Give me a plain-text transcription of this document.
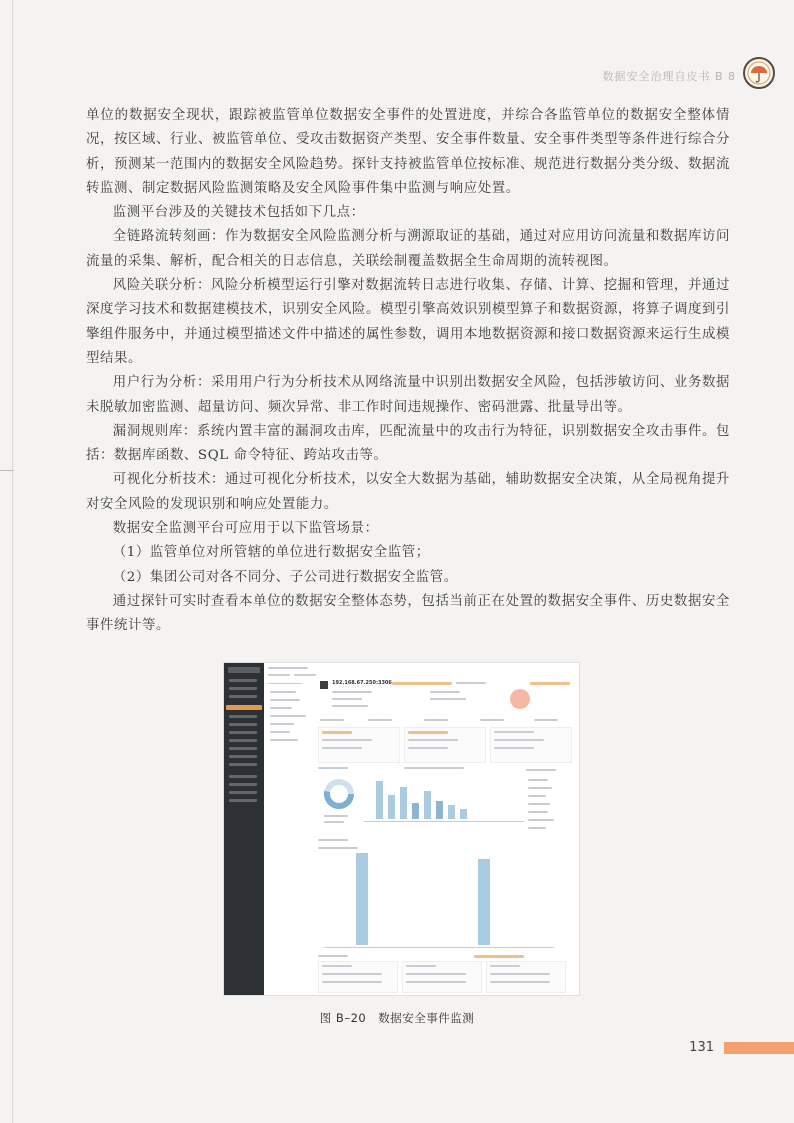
数据安全治理自皮书 B 8

单位的数据安全现状，跟踪被监管单位数据安全事件的处置进度，并综合各监管单位的数据安全整体情况，按区域、行业、被监管单位、受攻击数据资产类型、安全事件数量、安全事件类型等条件进行综合分析，预测某一范围内的数据安全风险趋势。探针支持被监管单位按标准、规范进行数据分类分级、数据流转监测、制定数据风险监测策略及安全风险事件集中监测与响应处置。

监测平台涉及的关键技术包括如下几点：

全链路流转刻画：作为数据安全风险监测分析与溯源取证的基础，通过对应用访问流量和数据库访问流量的采集、解析，配合相关的日志信息，关联绘制覆盖数据全生命周期的流转视图。

风险关联分析：风险分析模型运行引擎对数据流转日志进行收集、存储、计算、挖掘和管理，并通过深度学习技术和数据建模技术，识别安全风险。模型引擎高效识别模型算子和数据资源，将算子调度到引擎组件服务中，并通过模型描述文件中描述的属性参数，调用本地数据资源和接口数据资源来运行生成模型结果。

用户行为分析：采用用户行为分析技术从网络流量中识别出数据安全风险，包括涉敏访问、业务数据未脱敏加密监测、超量访问、频次异常、非工作时间违规操作、密码泄露、批量导出等。

漏洞规则库：系统内置丰富的漏洞攻击库，匹配流量中的攻击行为特征，识别数据安全攻击事件。包括：数据库函数、SQL 命令特征、跨站攻击等。

可视化分析技术：通过可视化分析技术，以安全大数据为基础，辅助数据安全决策，从全局视角提升对安全风险的发现识别和响应处置能力。

数据安全监测平台可应用于以下监管场景：

（1）监管单位对所管辖的单位进行数据安全监管；

（2）集团公司对各不同分、子公司进行数据安全监管。

通过探针可实时查看本单位的数据安全整体态势，包括当前正在处置的数据安全事件、历史数据安全事件统计等。

192.168.67.250:3306
图 B–20　数据安全事件监测
131
